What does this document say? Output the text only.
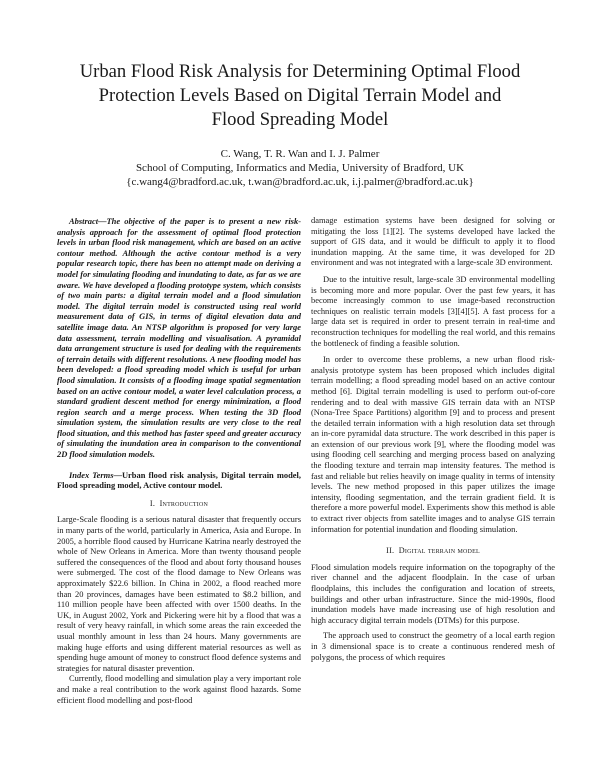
Urban Flood Risk Analysis for Determining Optimal Flood
Protection Levels Based on Digital Terrain Model and
Flood Spreading Model
C. Wang, T. R. Wan and I. J. Palmer
School of Computing, Informatics and Media, University of Bradford, UK
{c.wang4@bradford.ac.uk, t.wan@bradford.ac.uk, i.j.palmer@bradford.ac.uk}

Abstract—The objective of the paper is to present a new risk-analysis approach for the assessment of optimal flood protection levels in urban flood risk management, which are based on an active contour method. Although the active contour method is a very popular research topic, there has been no attempt made on deriving a model for simulating flooding and inundating to date, as far as we are aware. We have developed a flooding prototype system, which consists of two main parts: a digital terrain model and a flood simulation model. The digital terrain model is constructed using real world measurement data of GIS, in terms of digital elevation data and satellite image data. An NTSP algorithm is proposed for very large data assessment, terrain modelling and visualisation. A pyramidal data arrangement structure is used for dealing with the requirements of terrain details with different resolutions. A new flooding model has been developed: a flood spreading model which is useful for urban flood simulation. It consists of a flooding image spatial segmentation based on an active contour model, a water level calculation process, a standard gradient descent method for energy minimization, a flood region search and a merge process. When testing the 3D flood simulation system, the simulation results are very close to the real flood situation, and this method has faster speed and greater accuracy of simulating the inundation area in comparison to the conventional 2D flood simulation models.

Index Terms—Urban flood risk analysis, Digital terrain model, Flood spreading model, Active contour model.

I. Introduction

Large-Scale flooding is a serious natural disaster that frequently occurs in many parts of the world, particularly in America, Asia and Europe. In 2005, a horrible flood caused by Hurricane Katrina nearly destroyed the whole of New Orleans in America. More than twenty thousand people suffered the consequences of the flood and about forty thousand houses were submerged. The cost of the flood damage to New Orleans was approximately $22.6 billion. In China in 2002, a flood reached more than 20 provinces, damages have been estimated to $8.2 billion, and 110 million people have been affected with over 1500 deaths. In the UK, in August 2002, York and Pickering were hit by a flood that was a result of very heavy rainfall, in which some areas the rain exceeded the usual monthly amount in less than 24 hours. Many governments are making huge efforts and using different material resources as well as spending huge amount of money to construct flood defence systems and strategies for natural disaster prevention.

Currently, flood modelling and simulation play a very important role and make a real contribution to the work against flood hazards. Some efficient flood modelling and post-flood

damage estimation systems have been designed for solving or mitigating the loss [1][2]. The systems developed have lacked the support of GIS data, and it would be difficult to apply it to flood inundation mapping. At the same time, it was developed for 2D environment and was not integrated with a large-scale 3D environment.

Due to the intuitive result, large-scale 3D environmental modelling is becoming more and more popular. Over the past few years, it has become increasingly common to use image-based reconstruction techniques on realistic terrain models [3][4][5]. A fast process for a large data set is required in order to present terrain in real-time and reconstruction techniques for modelling the real world, and this remains the bottleneck of finding a feasible solution.

In order to overcome these problems, a new urban flood risk-analysis prototype system has been proposed which includes digital terrain modelling; a flood spreading model based on an active contour method [6]. Digital terrain modelling is used to perform out-of-core rendering and to deal with massive GIS terrain data with an NTSP (Nona-Tree Space Partitions) algorithm [9] and to process and present the detailed terrain information with a high resolution data set through an in-core pyramidal data structure. The work described in this paper is an extension of our previous work [9], where the flooding model was using flooding cell searching and merging process based on analyzing the flooding texture and terrain map intensity features. The method is fast and reliable but relies heavily on image quality in terms of intensity levels. The new method proposed in this paper utilizes the image intensity, flooding segmentation, and the terrain gradient field. It is therefore a more powerful model. Experiments show this method is able to extract river objects from satellite images and to analyse GIS terrain information for potential inundation and flooding simulation.

II. Digital terrain model

Flood simulation models require information on the topography of the river channel and the adjacent floodplain. In the case of urban floodplains, this includes the configuration and location of streets, buildings and other urban infrastructure. Since the mid-1990s, flood inundation models have made increasing use of high resolution and high accuracy digital terrain models (DTMs) for this purpose.

The approach used to construct the geometry of a local earth region in 3 dimensional space is to create a continuous rendered mesh of polygons, the process of which requires
